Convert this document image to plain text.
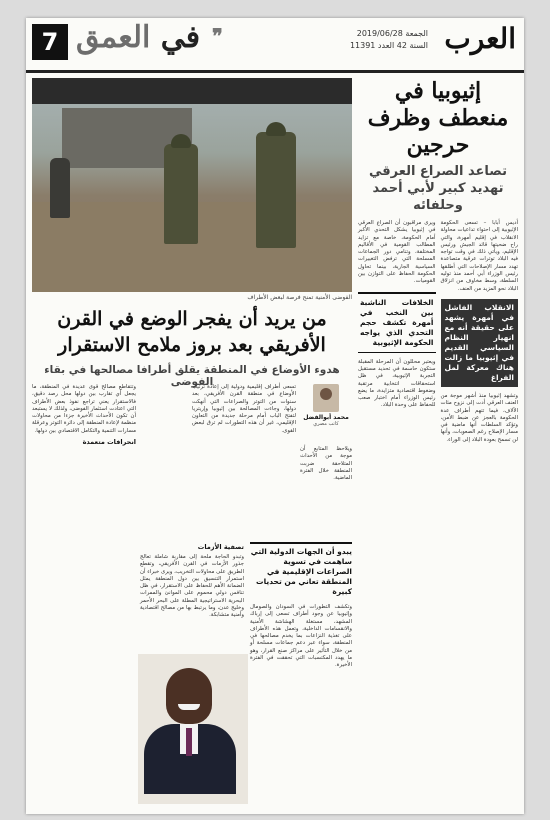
7	في العمق	❞	العرب
الجمعة 2019/06/28
السنة 42 العدد 11391
إثيوبيا في منعطف وظرف حرجين
تصاعد الصراع العرقي تهديد كبير لأبي أحمد وحلفائه

أديس أبابا – تسعى الحكومة الإثيوبية إلى احتواء تداعيات محاولة الانقلاب في إقليم أمهرة، والتي راح ضحيتها قائد الجيش ورئيس الإقليم، ويأتي ذلك في وقت تواجه فيه البلاد توترات عرقية متصاعدة تهدد مسار الإصلاحات التي أطلقها رئيس الوزراء أبي أحمد منذ توليه السلطة، وسط مخاوف من انزلاق البلاد نحو المزيد من العنف.

الانقلاب الفاشل في أمهرة يشهد على حقيقة أنه مع انهيار النظام السياسي القديم في إثيوبيا ما زالت هناك معركة لمل الفراغ

وتشهد إثيوبيا منذ أشهر موجة من العنف العرقي أدت إلى نزوح مئات الآلاف، فيما تتهم أطراف عدة الحكومة بالعجز عن ضبط الأمن، وتؤكد السلطات أنها ماضية في مسار الإصلاح رغم الصعوبات، وأنها لن تسمح بعودة البلاد إلى الوراء.

ويرى مراقبون أن الصراع العرقي في إثيوبيا يشكل التحدي الأكبر أمام الحكومة، خاصة مع تزايد المطالب القومية في الأقاليم المختلفة، وتنامي دور الجماعات المسلحة التي ترفض التغييرات السياسية الجارية، بينما تحاول الحكومة الحفاظ على التوازن بين القوميات.

الخلافات الناشبة بين النخب في أمهرة تكشف حجم التحدي الذي يواجه الحكومة الإثيوبية

ويعتبر محللون أن المرحلة المقبلة ستكون حاسمة في تحديد مستقبل التجربة الإثيوبية، في ظل استحقاقات انتخابية مرتقبة وضغوط اقتصادية متزايدة، ما يضع رئيس الوزراء أمام اختبار صعب للحفاظ على وحدة البلاد.

الفوضى الأمنية تمنح فرصة لبعض الأطراف
من يريد أن يفجر الوضع في القرن الأفريقي بعد بروز ملامح الاستقرار
هدوء الأوضاع في المنطقة يقلق أطرافا مصالحها في بقاء الفوضى
محمد أبوالفضل
كاتب مصري
ويلاحظ المتابع أن موجة من الأحداث المتلاحقة ضربت المنطقة خلال الفترة الماضية.
تسعى أطراف إقليمية ودولية إلى إعادة ترتيب الأوضاع في منطقة القرن الأفريقي، بعد سنوات من التوتر والصراعات التي أنهكت دولها، وجاءت المصالحة بين إثيوبيا وإريتريا لتفتح الباب أمام مرحلة جديدة من التعاون الإقليمي، غير أن هذه التطورات لم ترق لبعض القوى.
يبدو أن الجهات الدولية التي ساهمت في تسوية الصراعات الإقليمية في المنطقة تعاني من تحديات كبيرة
وتكشف التطورات في السودان والصومال وإثيوبيا عن وجود أطراف تسعى إلى إرباك المشهد، مستغلة الهشاشة الأمنية والانقسامات الداخلية، وتعمل هذه الأطراف على تغذية النزاعات بما يخدم مصالحها في المنطقة، سواء عبر دعم جماعات مسلحة أو من خلال التأثير على مراكز صنع القرار، وهو ما يهدد المكتسبات التي تحققت في الفترة الأخيرة.
تصفية الأزمات
وتبدو الحاجة ملحة إلى مقاربة شاملة تعالج جذور الأزمات في القرن الأفريقي، وتقطع الطريق على محاولات التخريب، ويرى خبراء أن استمرار التنسيق بين دول المنطقة يمثل الضمانة الأهم للحفاظ على الاستقرار، في ظل تنافس دولي محموم على الموانئ والممرات البحرية الاستراتيجية المطلة على البحر الأحمر وخليج عدن، وما يرتبط بها من مصالح اقتصادية وأمنية متشابكة.
وتتقاطع مصالح قوى عديدة في المنطقة، ما يجعل أي تقارب بين دولها محل رصد دقيق، فالاستقرار يعني تراجع نفوذ بعض الأطراف التي اعتادت استثمار الفوضى، ولذلك لا يستبعد أن تكون الأحداث الأخيرة جزءا من محاولات منظمة لإعادة المنطقة إلى دائرة التوتر وعرقلة مسارات التنمية والتكامل الاقتصادي بين دولها.
انحرافات متعمدة
